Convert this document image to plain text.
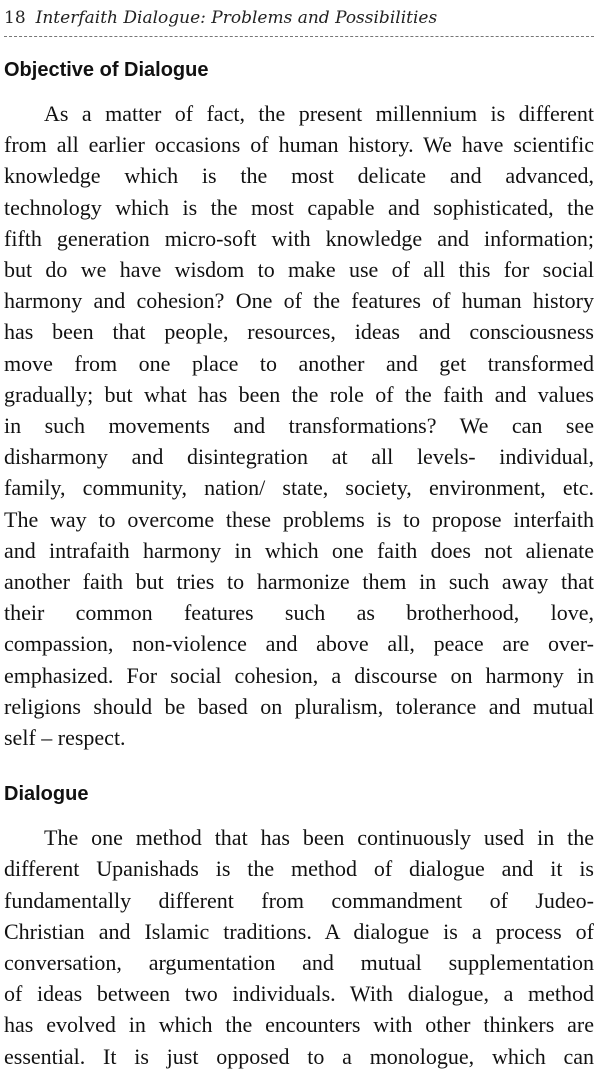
18 Interfaith Dialogue: Problems and Possibilities
Objective of Dialogue
As a matter of fact, the present millennium is different
from all earlier occasions of human history. We have scientific
knowledge which is the most delicate and advanced,
technology which is the most capable and sophisticated, the
fifth generation micro-soft with knowledge and information;
but do we have wisdom to make use of all this for social
harmony and cohesion? One of the features of human history
has been that people, resources, ideas and consciousness
move from one place to another and get transformed
gradually; but what has been the role of the faith and values
in such movements and transformations? We can see
disharmony and disintegration at all levels- individual,
family, community, nation/ state, society, environment, etc.
The way to overcome these problems is to propose interfaith
and intrafaith harmony in which one faith does not alienate
another faith but tries to harmonize them in such away that
their common features such as brotherhood, love,
compassion, non-violence and above all, peace are over-
emphasized. For social cohesion, a discourse on harmony in
religions should be based on pluralism, tolerance and mutual
self – respect.
Dialogue
The one method that has been continuously used in the
different Upanishads is the method of dialogue and it is
fundamentally different from commandment of Judeo-
Christian and Islamic traditions. A dialogue is a process of
conversation, argumentation and mutual supplementation
of ideas between two individuals. With dialogue, a method
has evolved in which the encounters with other thinkers are
essential. It is just opposed to a monologue, which can
